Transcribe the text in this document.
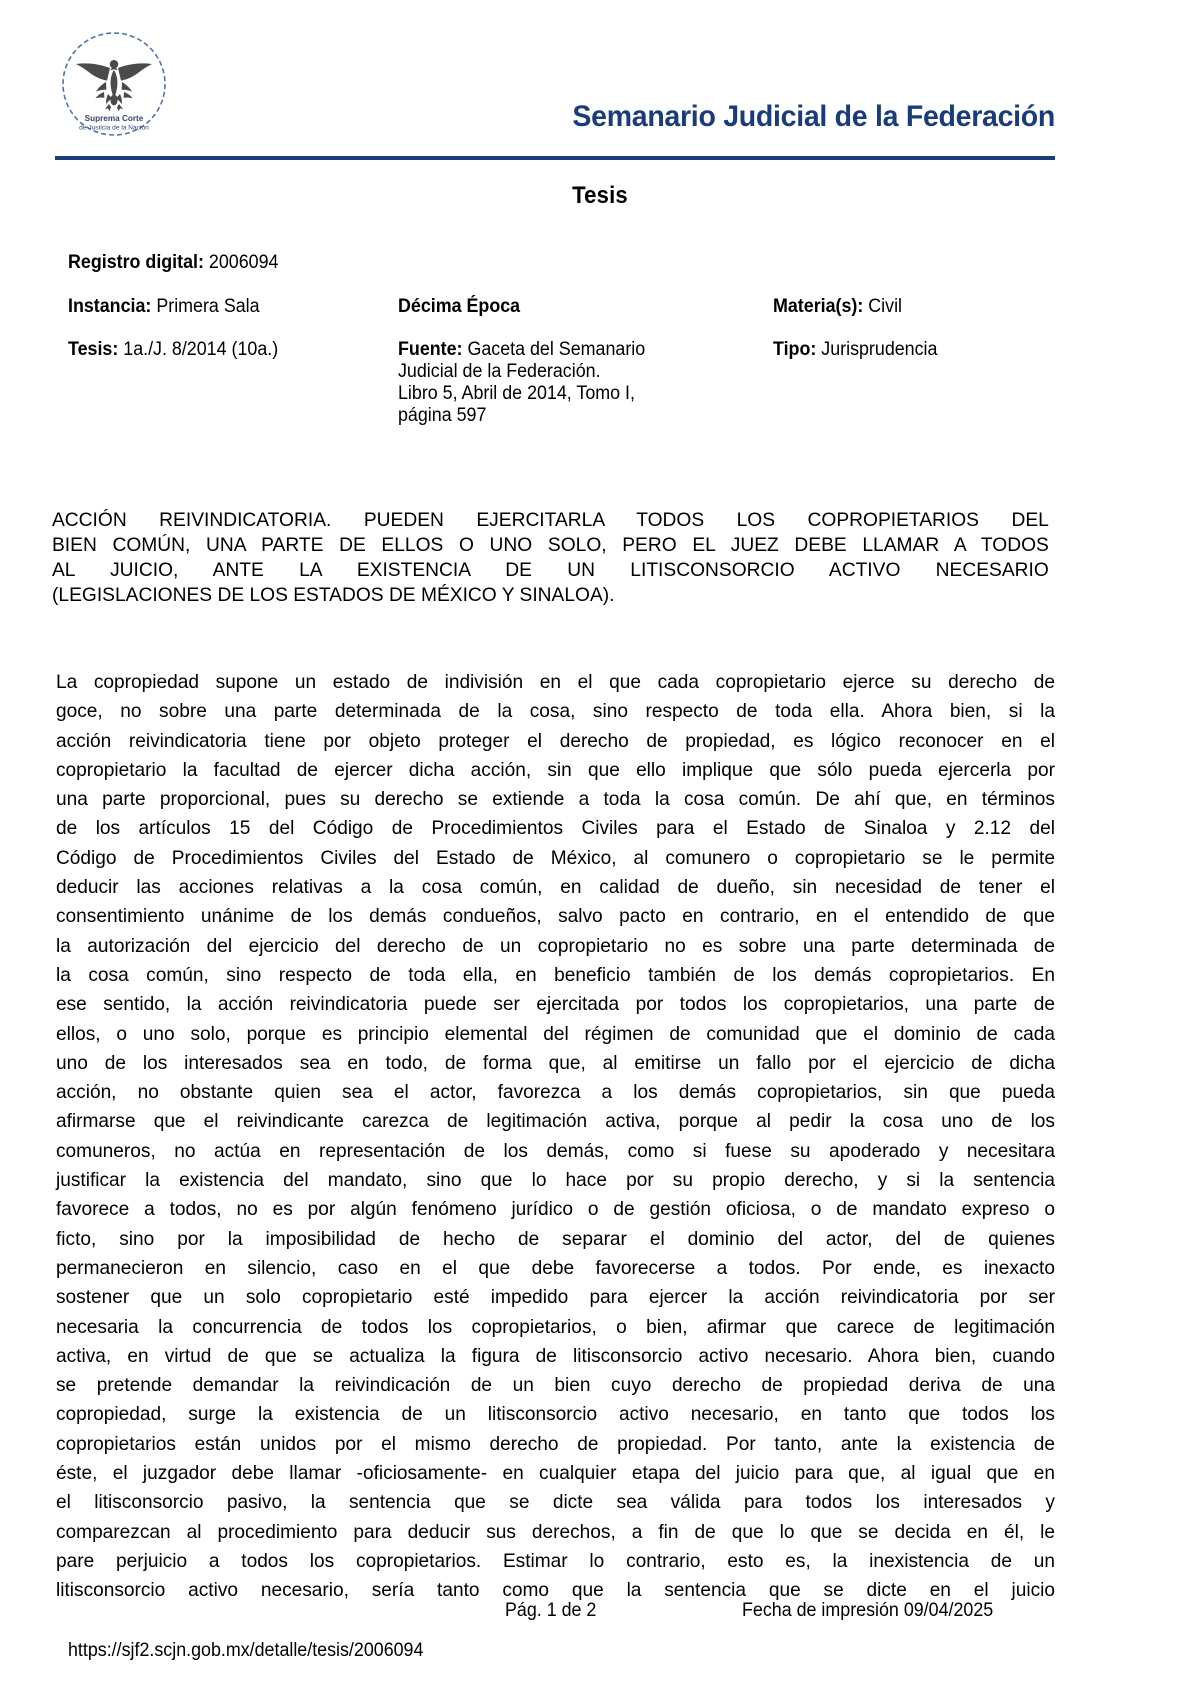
Suprema Corte
de Justicia de la Nación	Semanario Judicial de la Federación
Tesis
Registro digital: 2006094
Instancia: Primera Sala	Décima Época	Materia(s): Civil
Tesis: 1a./J. 8/2014 (10a.)	Fuente: Gaceta del Semanario
Judicial de la Federación.
Libro 5, Abril de 2014, Tomo I,
página 597
Tipo: Jurisprudencia
ACCIÓN REIVINDICATORIA. PUEDEN EJERCITARLA TODOS LOS COPROPIETARIOS DEL
BIEN COMÚN, UNA PARTE DE ELLOS O UNO SOLO, PERO EL JUEZ DEBE LLAMAR A TODOS
AL JUICIO, ANTE LA EXISTENCIA DE UN LITISCONSORCIO ACTIVO NECESARIO
(LEGISLACIONES DE LOS ESTADOS DE MÉXICO Y SINALOA).

La copropiedad supone un estado de indivisión en el que cada copropietario ejerce su derecho de
goce, no sobre una parte determinada de la cosa, sino respecto de toda ella. Ahora bien, si la
acción reivindicatoria tiene por objeto proteger el derecho de propiedad, es lógico reconocer en el
copropietario la facultad de ejercer dicha acción, sin que ello implique que sólo pueda ejercerla por
una parte proporcional, pues su derecho se extiende a toda la cosa común. De ahí que, en términos
de los artículos 15 del Código de Procedimientos Civiles para el Estado de Sinaloa y 2.12 del
Código de Procedimientos Civiles del Estado de México, al comunero o copropietario se le permite
deducir las acciones relativas a la cosa común, en calidad de dueño, sin necesidad de tener el
consentimiento unánime de los demás condueños, salvo pacto en contrario, en el entendido de que
la autorización del ejercicio del derecho de un copropietario no es sobre una parte determinada de
la cosa común, sino respecto de toda ella, en beneficio también de los demás copropietarios. En
ese sentido, la acción reivindicatoria puede ser ejercitada por todos los copropietarios, una parte de
ellos, o uno solo, porque es principio elemental del régimen de comunidad que el dominio de cada
uno de los interesados sea en todo, de forma que, al emitirse un fallo por el ejercicio de dicha
acción, no obstante quien sea el actor, favorezca a los demás copropietarios, sin que pueda
afirmarse que el reivindicante carezca de legitimación activa, porque al pedir la cosa uno de los
comuneros, no actúa en representación de los demás, como si fuese su apoderado y necesitara
justificar la existencia del mandato, sino que lo hace por su propio derecho, y si la sentencia
favorece a todos, no es por algún fenómeno jurídico o de gestión oficiosa, o de mandato expreso o
ficto, sino por la imposibilidad de hecho de separar el dominio del actor, del de quienes
permanecieron en silencio, caso en el que debe favorecerse a todos. Por ende, es inexacto
sostener que un solo copropietario esté impedido para ejercer la acción reivindicatoria por ser
necesaria la concurrencia de todos los copropietarios, o bien, afirmar que carece de legitimación
activa, en virtud de que se actualiza la figura de litisconsorcio activo necesario. Ahora bien, cuando
se pretende demandar la reivindicación de un bien cuyo derecho de propiedad deriva de una
copropiedad, surge la existencia de un litisconsorcio activo necesario, en tanto que todos los
copropietarios están unidos por el mismo derecho de propiedad. Por tanto, ante la existencia de
éste, el juzgador debe llamar -oficiosamente- en cualquier etapa del juicio para que, al igual que en
el litisconsorcio pasivo, la sentencia que se dicte sea válida para todos los interesados y
comparezcan al procedimiento para deducir sus derechos, a fin de que lo que se decida en él, le
pare perjuicio a todos los copropietarios. Estimar lo contrario, esto es, la inexistencia de un
litisconsorcio activo necesario, sería tanto como que la sentencia que se dicte en el juicio

Pág. 1 de 2	Fecha de impresión 09/04/2025
https://sjf2.scjn.gob.mx/detalle/tesis/2006094
